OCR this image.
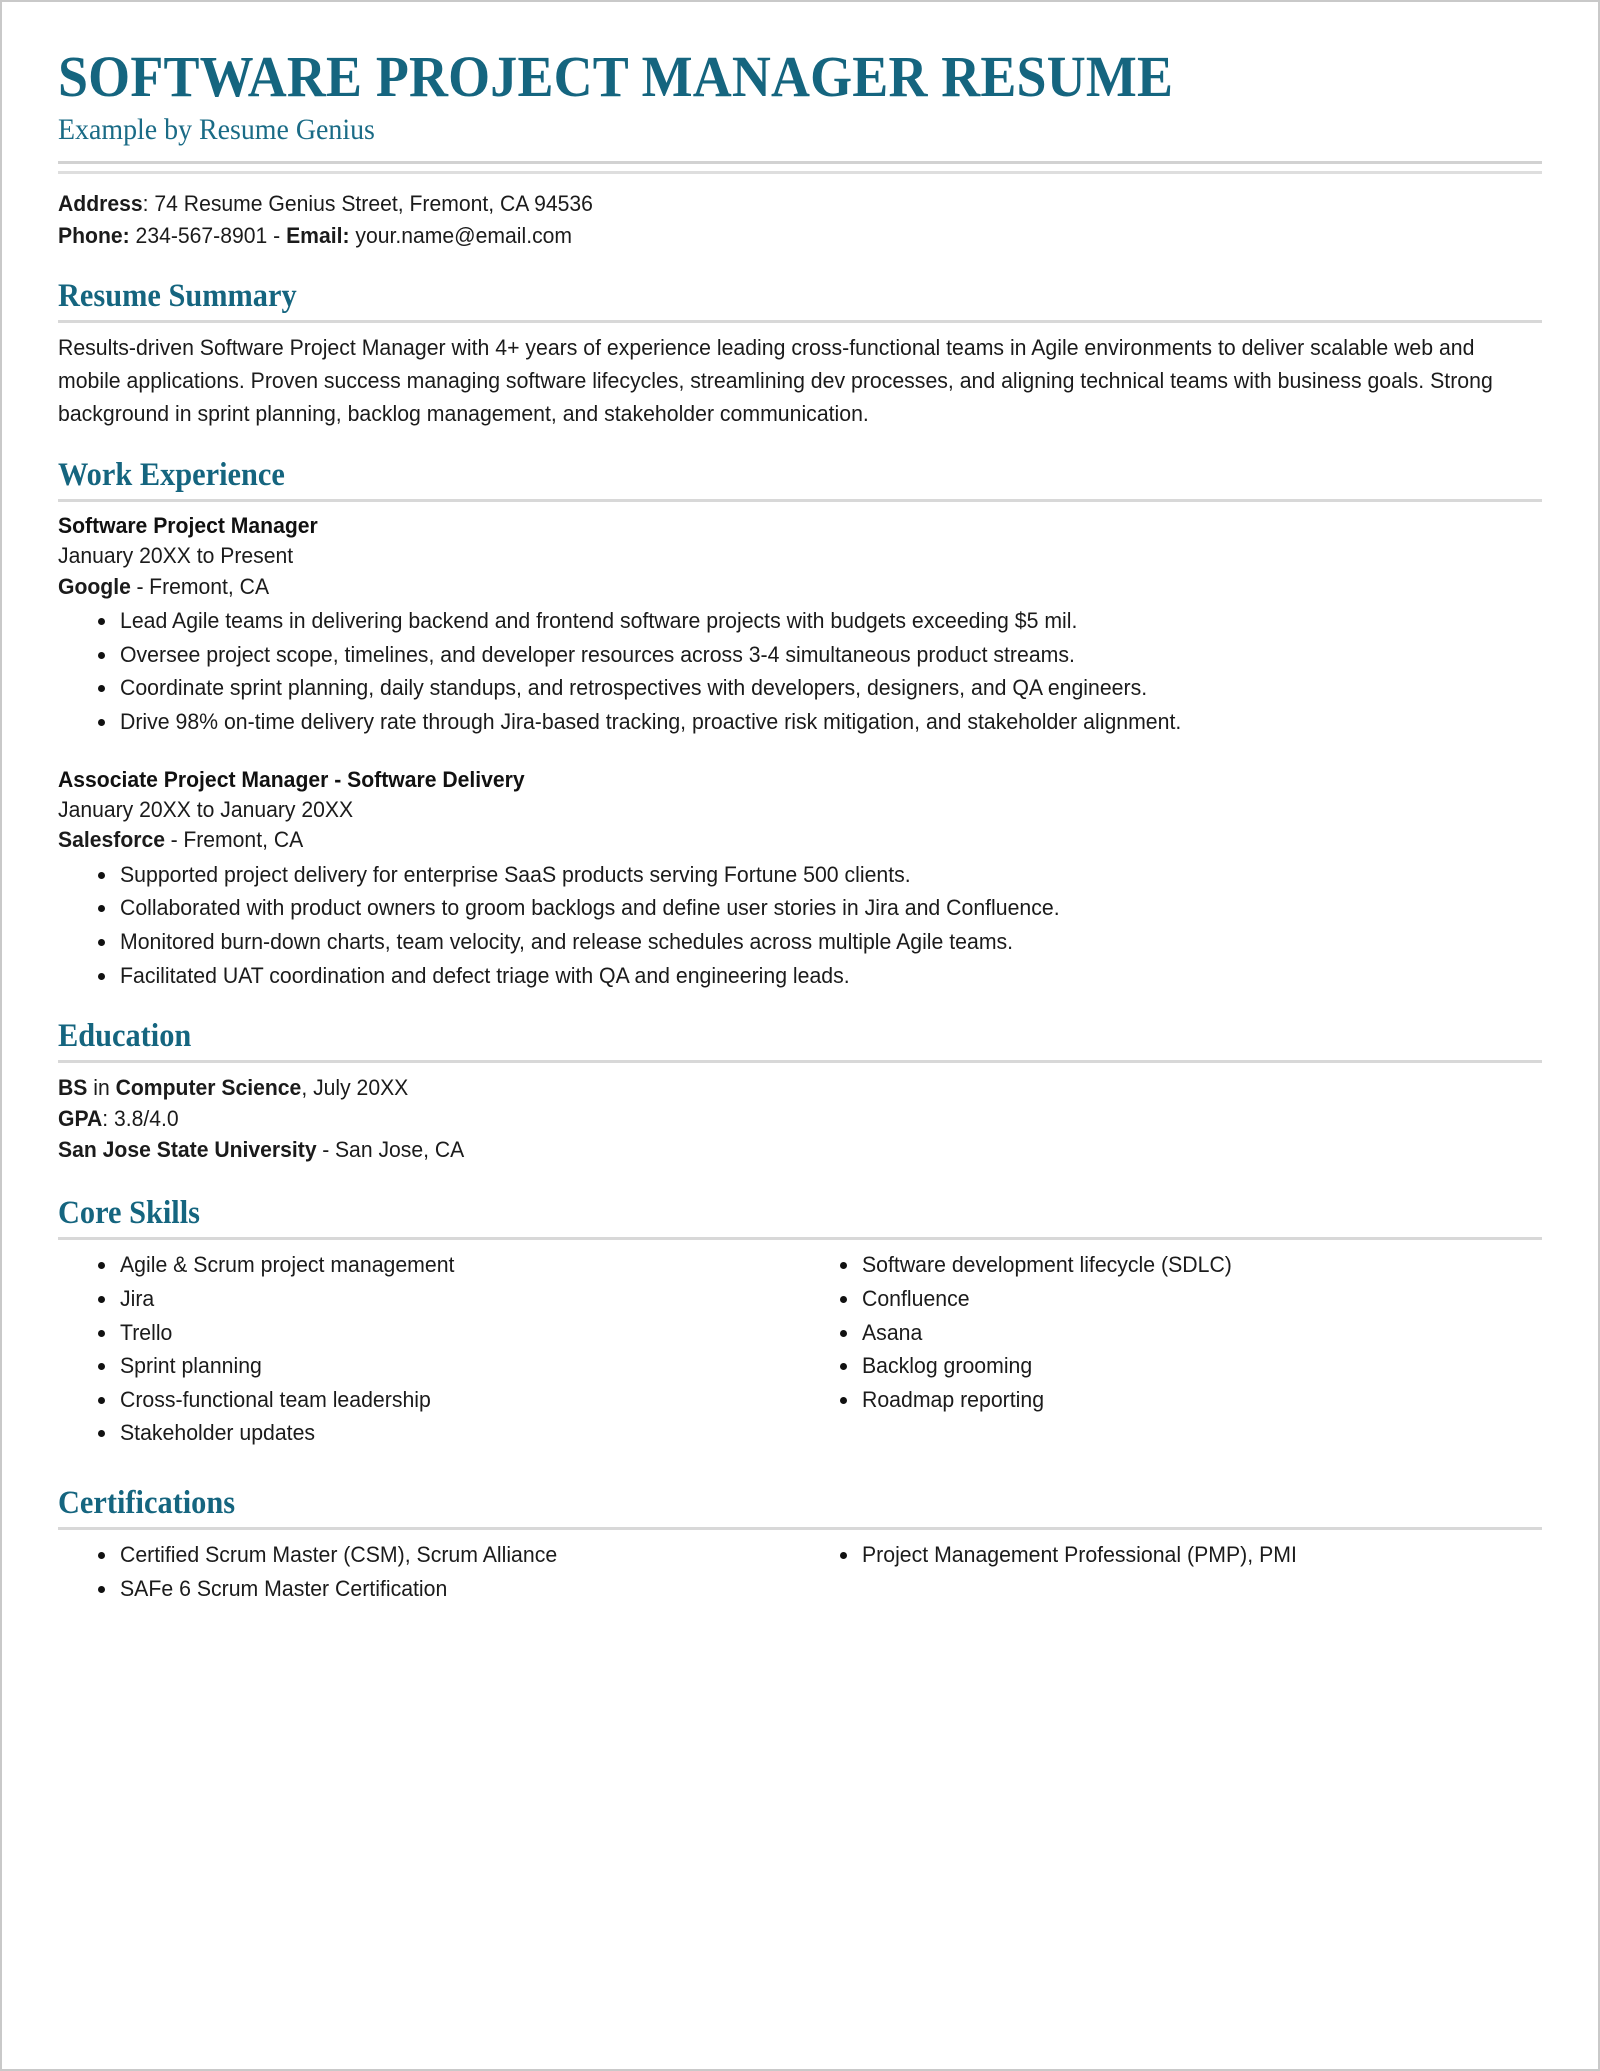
SOFTWARE PROJECT MANAGER RESUME
Example by Resume Genius
Address: 74 Resume Genius Street, Fremont, CA 94536
Phone: 234-567-8901 - Email: your.name@email.com
Resume Summary

Results-driven Software Project Manager with 4+ years of experience leading cross-functional teams in Agile environments to deliver scalable web and mobile applications. Proven success managing software lifecycles, streamlining dev processes, and aligning technical teams with business goals. Strong background in sprint planning, backlog management, and stakeholder communication.

Work Experience
Software Project Manager
January 20XX to Present
Google - Fremont, CA
Lead Agile teams in delivering backend and frontend software projects with budgets exceeding $5 mil.
Oversee project scope, timelines, and developer resources across 3-4 simultaneous product streams.
Coordinate sprint planning, daily standups, and retrospectives with developers, designers, and QA engineers.
Drive 98% on-time delivery rate through Jira-based tracking, proactive risk mitigation, and stakeholder alignment.
Associate Project Manager - Software Delivery
January 20XX to January 20XX
Salesforce - Fremont, CA
Supported project delivery for enterprise SaaS products serving Fortune 500 clients.
Collaborated with product owners to groom backlogs and define user stories in Jira and Confluence.
Monitored burn-down charts, team velocity, and release schedules across multiple Agile teams.
Facilitated UAT coordination and defect triage with QA and engineering leads.
Education
BS in Computer Science, July 20XX
GPA: 3.8/4.0
San Jose State University - San Jose, CA
Core Skills
Agile & Scrum project management
Jira
Trello
Sprint planning
Cross-functional team leadership
Stakeholder updates
Software development lifecycle (SDLC)
Confluence
Asana
Backlog grooming
Roadmap reporting
Certifications
Certified Scrum Master (CSM), Scrum Alliance
SAFe 6 Scrum Master Certification
Project Management Professional (PMP), PMI
